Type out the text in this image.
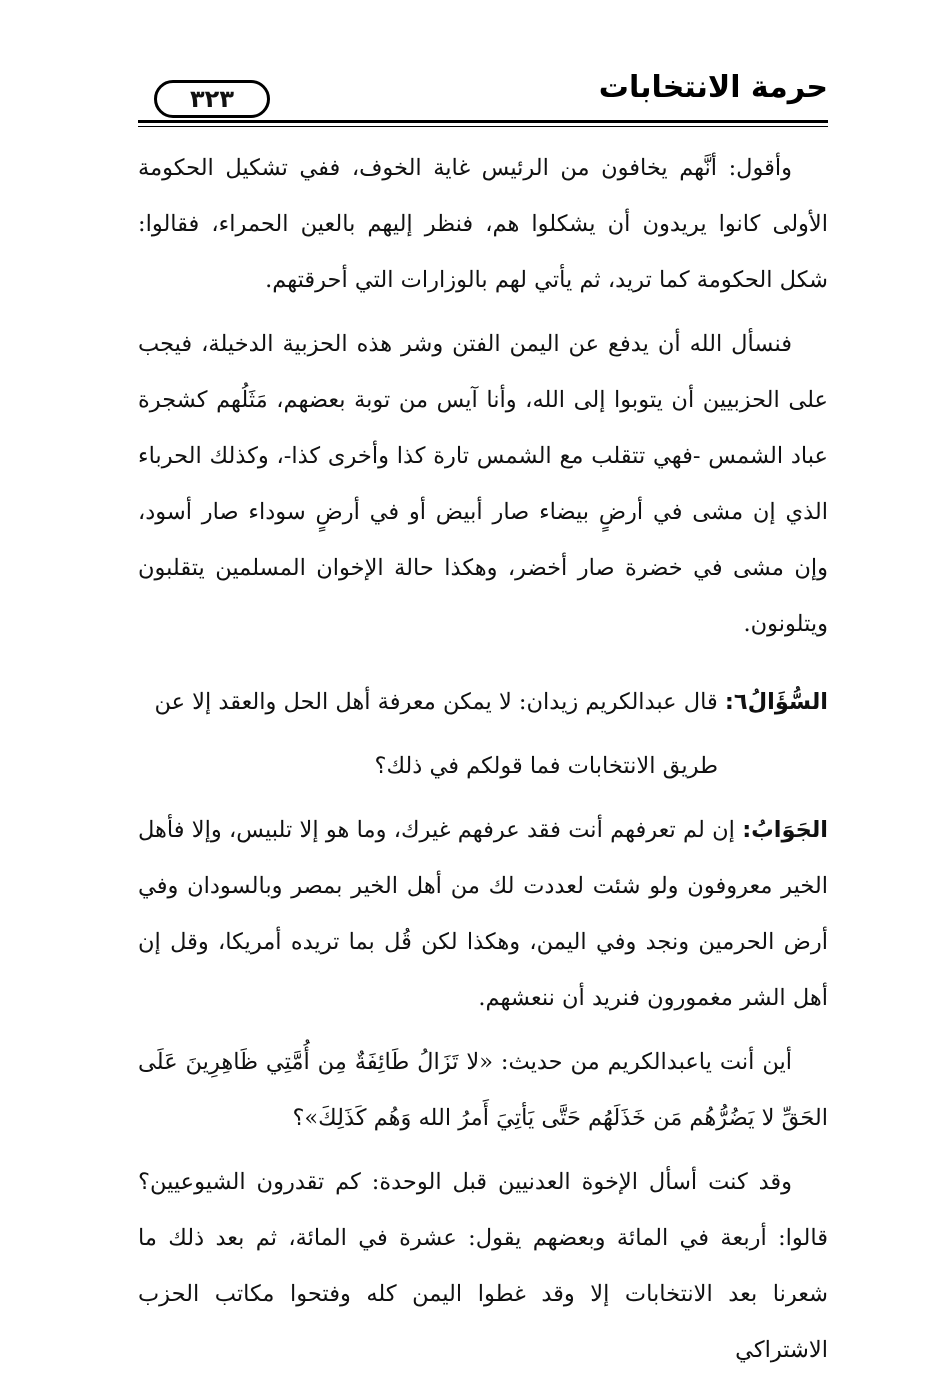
حرمة الانتخابات
٣٢٣

وأقول: أنَّهم يخافون من الرئيس غاية الخوف، ففي تشكيل الحكومة الأولى كانوا يريدون أن يشكلوا هم، فنظر إليهم بالعين الحمراء، فقالوا: شكل الحكومة كما تريد، ثم يأتي لهم بالوزارات التي أحرقتهم.

فنسأل الله أن يدفع عن اليمن الفتن وشر هذه الحزبية الدخيلة، فيجب على الحزبيين أن يتوبوا إلى الله، وأنا آيس من توبة بعضهم، مَثَلُهم كشجرة عباد الشمس -فهي تتقلب مع الشمس تارة كذا وأخرى كذا-، وكذلك الحرباء الذي إن مشى في أرضٍ بيضاء صار أبيض أو في أرضٍ سوداء صار أسود، وإن مشى في خضرة صار أخضر، وهكذا حالة الإخوان المسلمين يتقلبون ويتلونون.

السُّؤَالُ٦: قال عبدالكريم زيدان: لا يمكن معرفة أهل الحل والعقد إلا عن

طريق الانتخابات فما قولكم في ذلك؟

الجَوَابُ: إن لم تعرفهم أنت فقد عرفهم غيرك، وما هو إلا تلبيس، وإلا فأهل الخير معروفون ولو شئت لعددت لك من أهل الخير بمصر وبالسودان وفي أرض الحرمين ونجد وفي اليمن، وهكذا لكن قُل بما تريده أمريكا، وقل إن أهل الشر مغمورون فنريد أن ننعشهم.

أين أنت ياعبدالكريم من حديث: «لا تَزَالُ طَائِفَةٌ مِن أُمَّتِي ظَاهِرِينَ عَلَى الحَقِّ لا يَضُرُّهُم مَن خَذَلَهُم حَتَّى يَأتِيَ أَمرُ الله وَهُم كَذَلِكَ»؟

وقد كنت أسأل الإخوة العدنيين قبل الوحدة: كم تقدرون الشيوعيين؟ قالوا: أربعة في المائة وبعضهم يقول: عشرة في المائة، ثم بعد ذلك ما شعرنا بعد الانتخابات إلا وقد غطوا اليمن كله وفتحوا مكاتب الحزب الاشتراكي
